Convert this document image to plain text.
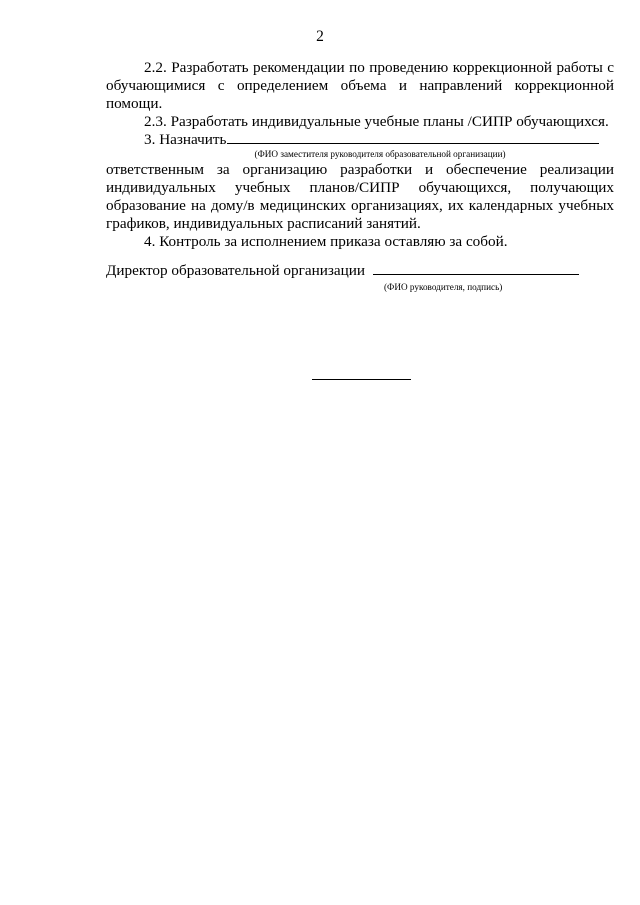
2

2.2. Разработать рекомендации по проведению коррекционной работы с обучающимися с определением объема и направлений коррекционной помощи.

2.3. Разработать индивидуальные учебные планы /СИПР обучающихся.

3. Назначить

(ФИО заместителя руководителя образовательной организации)

ответственным за организацию разработки и обеспечение реализации индивидуальных учебных планов/СИПР обучающихся, получающих образование на дому/в медицинских организациях, их календарных учебных графиков, индивидуальных расписаний занятий.

4. Контроль за исполнением приказа оставляю за собой.

Директор образовательной организации
(ФИО руководителя, подпись)
